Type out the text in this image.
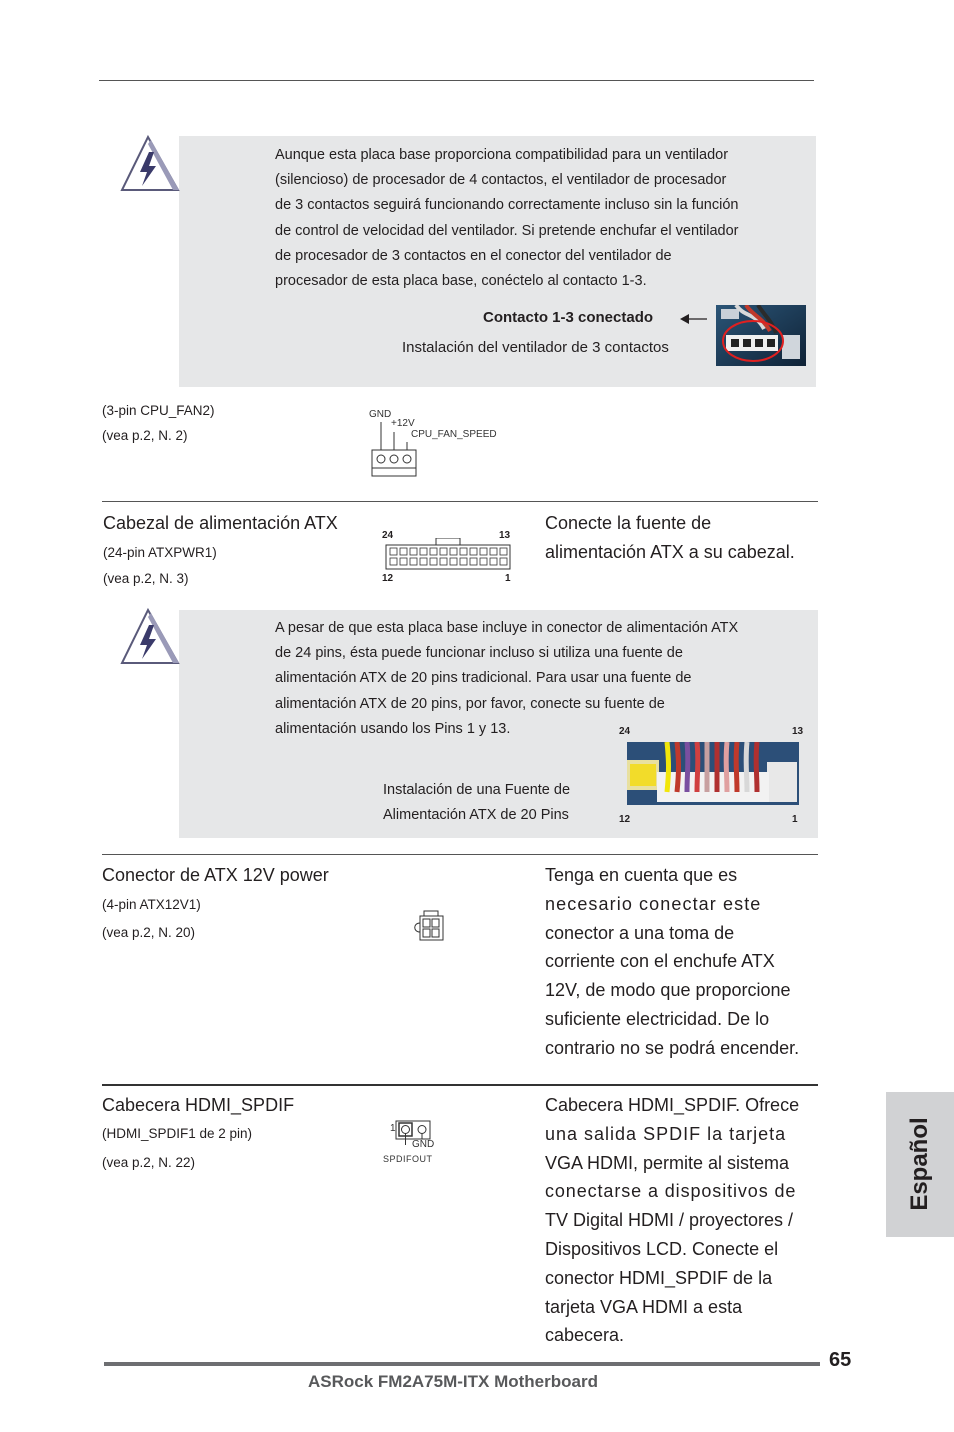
Aunque esta placa base proporciona compatibilidad para un ventilador
(silencioso) de procesador de 4 contactos, el ventilador de procesador
de 3 contactos seguirá funcionando correctamente incluso sin la función
de control de velocidad del ventilador. Si pretende enchufar el ventilador
de procesador de 3 contactos en el conector del ventilador de
procesador de esta placa base, conéctelo al contacto 1-3.
Contacto 1-3 conectado
Instalación del ventilador de 3 contactos
(3-pin CPU_FAN2)
(vea p.2, N. 2)
GND
+12V
CPU_FAN_SPEED
Cabezal de alimentación ATX
(24-pin ATXPWR1)
(vea p.2, N. 3)
24	13
12	1
Conecte la fuente de
alimentación ATX a su cabezal.
A pesar de que esta placa base incluye in conector de alimentación ATX
de 24 pins, ésta puede funcionar incluso si utiliza una fuente de
alimentación ATX de 20 pins tradicional. Para usar una fuente de
alimentación ATX de 20 pins, por favor, conecte su fuente de
alimentación usando los Pins 1 y 13.
Instalación de una Fuente de
Alimentación ATX de 20 Pins
24	13
12	1
Conector de ATX 12V power
(4-pin ATX12V1)
(vea p.2, N. 20)
Tenga en cuenta que es
necesario conectar este
conector a una toma de
corriente con el enchufe ATX
12V, de modo que proporcione
suficiente electricidad. De lo
contrario no se podrá encender.
Cabecera HDMI_SPDIF
(HDMI_SPDIF1 de 2 pin)
(vea p.2, N. 22)
1
GND
SPDIFOUT
Cabecera HDMI_SPDIF. Ofrece
una salida SPDIF la tarjeta
VGA HDMI, permite al sistema
conectarse a dispositivos de
TV Digital HDMI / proyectores /
Dispositivos LCD. Conecte el
conector HDMI_SPDIF de la
tarjeta VGA HDMI a esta
cabecera.
Español
65
ASRock FM2A75M-ITX Motherboard
